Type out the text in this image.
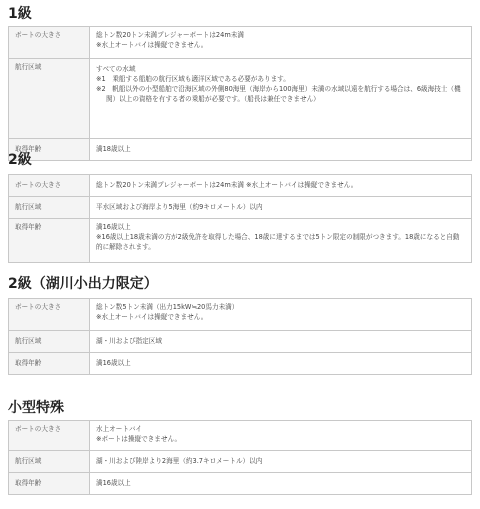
1級
ボートの大きさ	総トン数20トン未満プレジャーボートは24m未満
※水上オートバイは操縦できません。

航行区域	すべての水域
※1　乗船する船舶の航行区域も適洋区域である必要があります。
※2　帆船以外の小型船舶で沿海区域の外側80海里（海岸から100海里）未満の水域以遠を航行する場合は、6級海技士（機関）以上の資格を有する者の乗船が必要です。（船長は兼任できません）

取得年齢	満18歳以上
2級
ボートの大きさ	総トン数20トン未満プレジャーボートは24m未満 ※水上オートバイは操縦できません。

航行区域	平水区域および海岸より5海里（約9キロメートル）以内

取得年齢	満16歳以上
※16歳以上18歳未満の方が2級免許を取得した場合、18歳に達するまでは5トン限定の制限がつきます。18歳になると自動的に解除されます。
2級（湖川小出力限定）
ボートの大きさ	総トン数5トン未満（出力15kW≒20馬力未満）
※水上オートバイは操縦できません。

航行区域	湖・川および指定区域

取得年齢	満16歳以上
小型特殊
ボートの大きさ	水上オートバイ
※ボートは操縦できません。

航行区域	湖・川および陸岸より2海里（約3.7キロメートル）以内

取得年齢	満16歳以上
